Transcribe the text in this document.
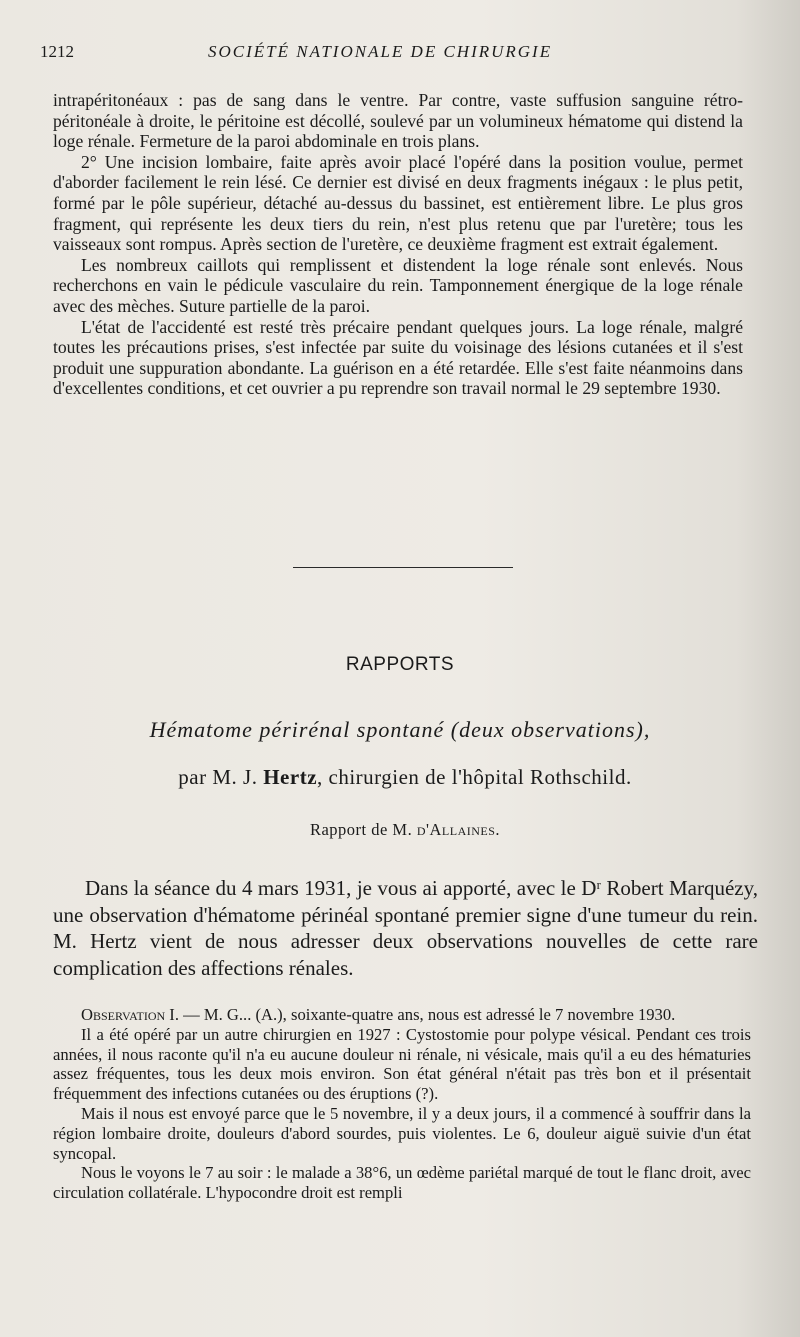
1212	SOCIÉTÉ NATIONALE DE CHIRURGIE

intrapéritonéaux : pas de sang dans le ventre. Par contre, vaste suffusion sanguine rétro-péritonéale à droite, le péritoine est décollé, soulevé par un volumineux hématome qui distend la loge rénale. Fermeture de la paroi abdominale en trois plans.

2° Une incision lombaire, faite après avoir placé l'opéré dans la position voulue, permet d'aborder facilement le rein lésé. Ce dernier est divisé en deux fragments inégaux : le plus petit, formé par le pôle supérieur, détaché au-dessus du bassinet, est entièrement libre. Le plus gros fragment, qui représente les deux tiers du rein, n'est plus retenu que par l'uretère; tous les vaisseaux sont rompus. Après section de l'uretère, ce deuxième fragment est extrait également.

Les nombreux caillots qui remplissent et distendent la loge rénale sont enlevés. Nous recherchons en vain le pédicule vasculaire du rein. Tamponnement énergique de la loge rénale avec des mèches. Suture partielle de la paroi.

L'état de l'accidenté est resté très précaire pendant quelques jours. La loge rénale, malgré toutes les précautions prises, s'est infectée par suite du voisinage des lésions cutanées et il s'est produit une suppuration abondante. La guérison en a été retardée. Elle s'est faite néanmoins dans d'excellentes conditions, et cet ouvrier a pu reprendre son travail normal le 29 septembre 1930.

RAPPORTS
Hématome périrénal spontané (deux observations),
par M. J. Hertz, chirurgien de l'hôpital Rothschild.
Rapport de M. d'Allaines.

Dans la séance du 4 mars 1931, je vous ai apporté, avec le Dʳ Robert Marquézy, une observation d'hématome périnéal spontané premier signe d'une tumeur du rein. M. Hertz vient de nous adresser deux observations nouvelles de cette rare complication des affections rénales.

Observation I. — M. G... (A.), soixante-quatre ans, nous est adressé le 7 novembre 1930.

Il a été opéré par un autre chirurgien en 1927 : Cystostomie pour polype vésical. Pendant ces trois années, il nous raconte qu'il n'a eu aucune douleur ni rénale, ni vésicale, mais qu'il a eu des hématuries assez fréquentes, tous les deux mois environ. Son état général n'était pas très bon et il présentait fréquemment des infections cutanées ou des éruptions (?).

Mais il nous est envoyé parce que le 5 novembre, il y a deux jours, il a commencé à souffrir dans la région lombaire droite, douleurs d'abord sourdes, puis violentes. Le 6, douleur aiguë suivie d'un état syncopal.

Nous le voyons le 7 au soir : le malade a 38°6, un œdème pariétal marqué de tout le flanc droit, avec circulation collatérale. L'hypocondre droit est rempli
